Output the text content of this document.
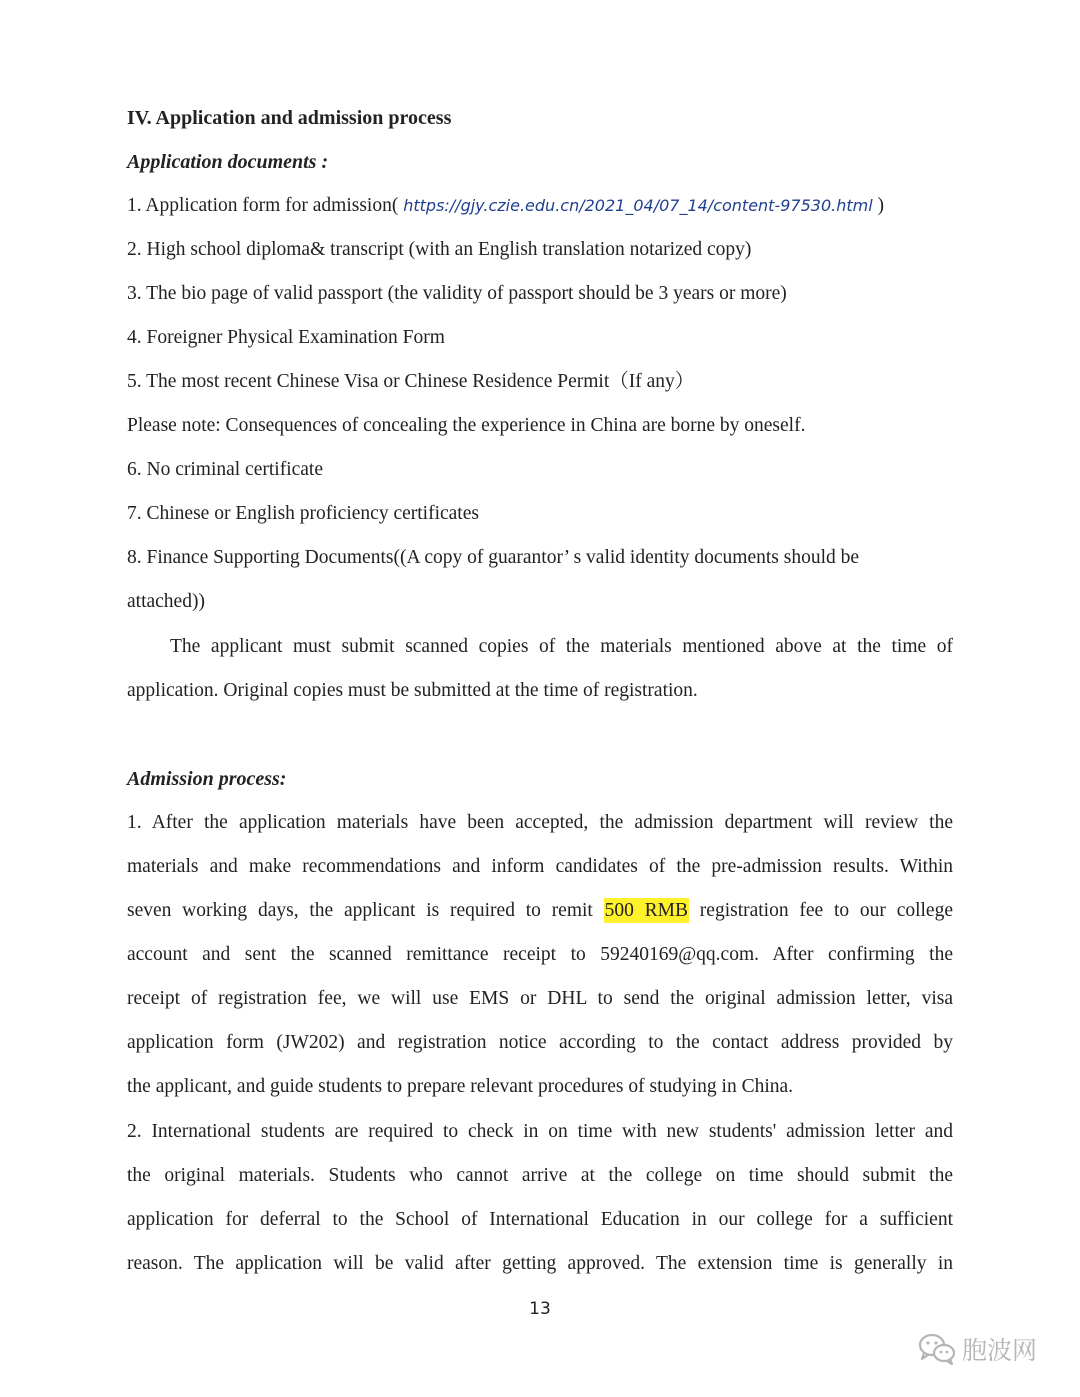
IV. Application and admission process
Application documents :
1. Application form for admission( https://gjy.czie.edu.cn/2021_04/07_14/content-97530.html )
2. High school diploma& transcript (with an English translation notarized copy)
3. The bio page of valid passport (the validity of passport should be 3 years or more)
4. Foreigner Physical Examination Form
5. The most recent Chinese Visa or Chinese Residence Permit（If any）
Please note: Consequences of concealing the experience in China are borne by oneself.
6. No criminal certificate
7. Chinese or English proficiency certificates
8. Finance Supporting Documents((A copy of guarantor’ s valid identity documents should be
attached))
The applicant must submit scanned copies of the materials mentioned above at the time of
application. Original copies must be submitted at the time of registration.
Admission process:
1. After the application materials have been accepted, the admission department will review the
materials and make recommendations and inform candidates of the pre-admission results. Within
seven working days, the applicant is required to remit 500 RMB registration fee to our college
account and sent the scanned remittance receipt to 59240169@qq.com. After confirming the
receipt of registration fee, we will use EMS or DHL to send the original admission letter, visa
application form (JW202) and registration notice according to the contact address provided by
the applicant, and guide students to prepare relevant procedures of studying in China.
2. International students are required to check in on time with new students' admission letter and
the original materials. Students who cannot arrive at the college on time should submit the
application for deferral to the School of International Education in our college for a sufficient
reason. The application will be valid after getting approved. The extension time is generally in
13
胞波网
